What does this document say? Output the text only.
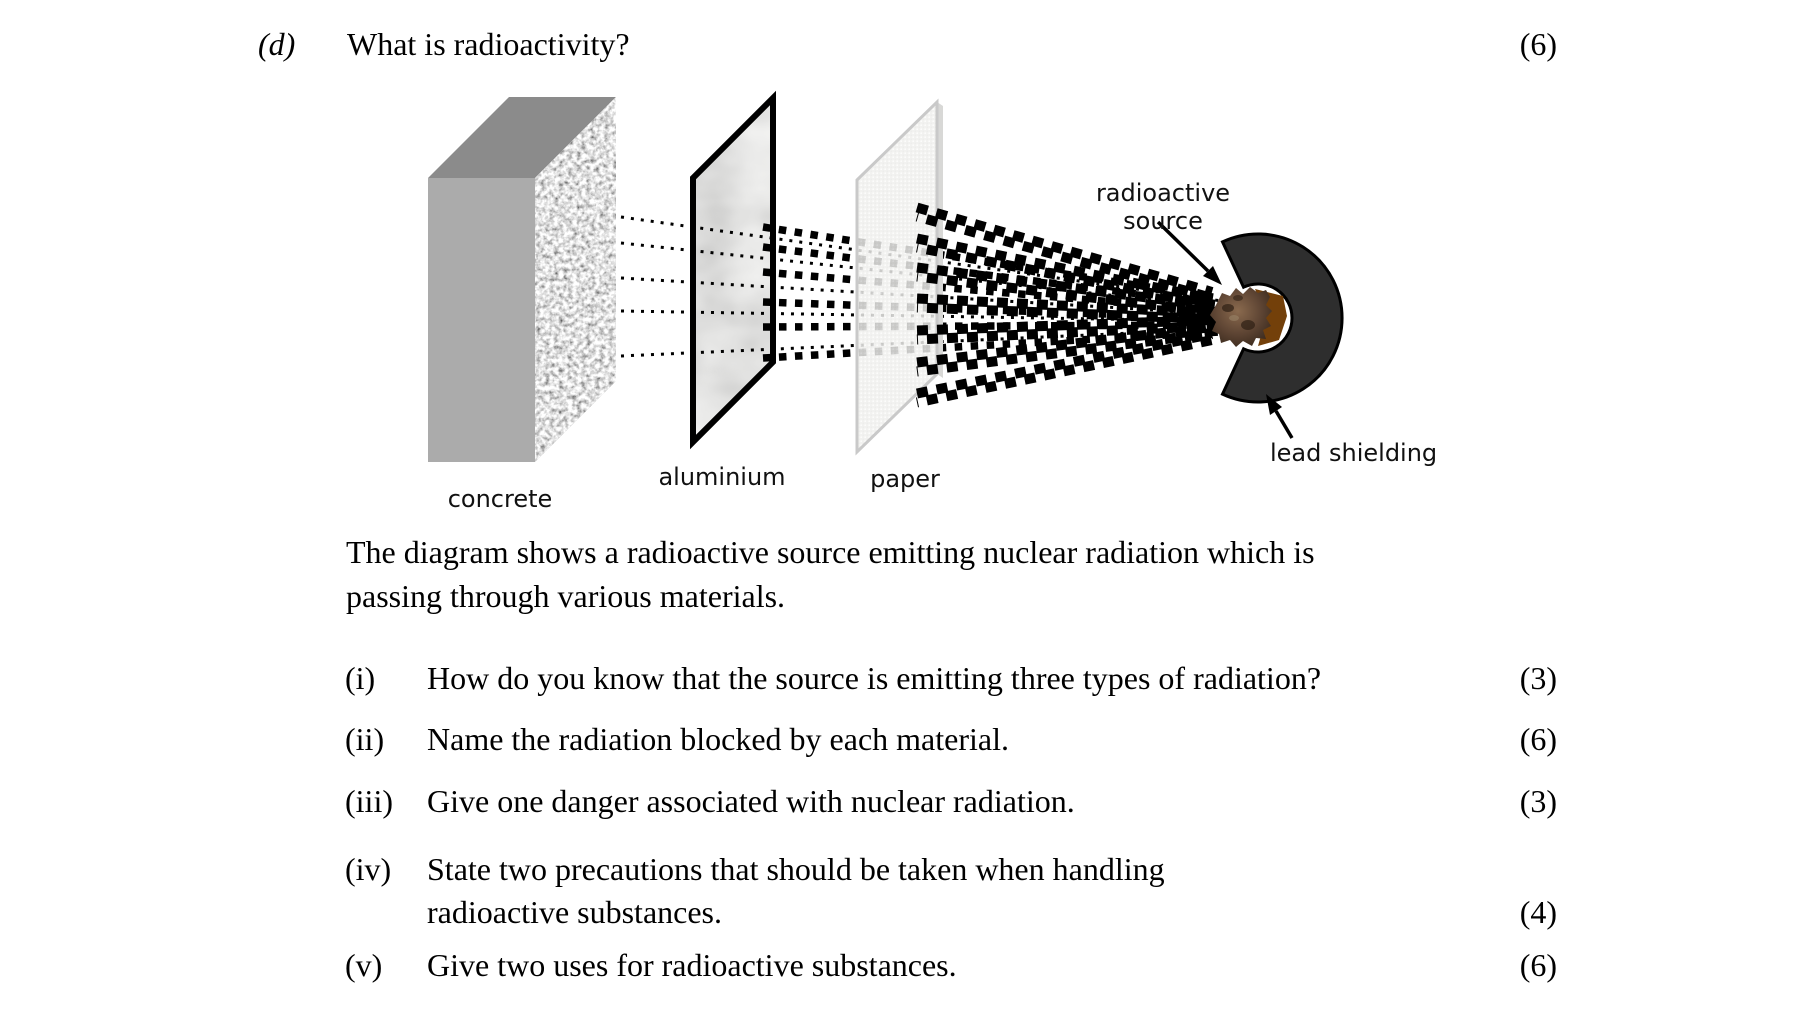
(d) What is radioactivity?	(6)
radioactive
source
lead shielding
aluminium	paper
concrete
The diagram shows a radioactive source emitting nuclear radiation which is
passing through various materials.
(i) How do you know that the source is emitting three types of radiation?	(3)
(ii) Name the radiation blocked by each material.	(6)
(iii) Give one danger associated with nuclear radiation.	(3)
(iv) State two precautions that should be taken when handling
radioactive substances.	(4)
(v) Give two uses for radioactive substances.	(6)
